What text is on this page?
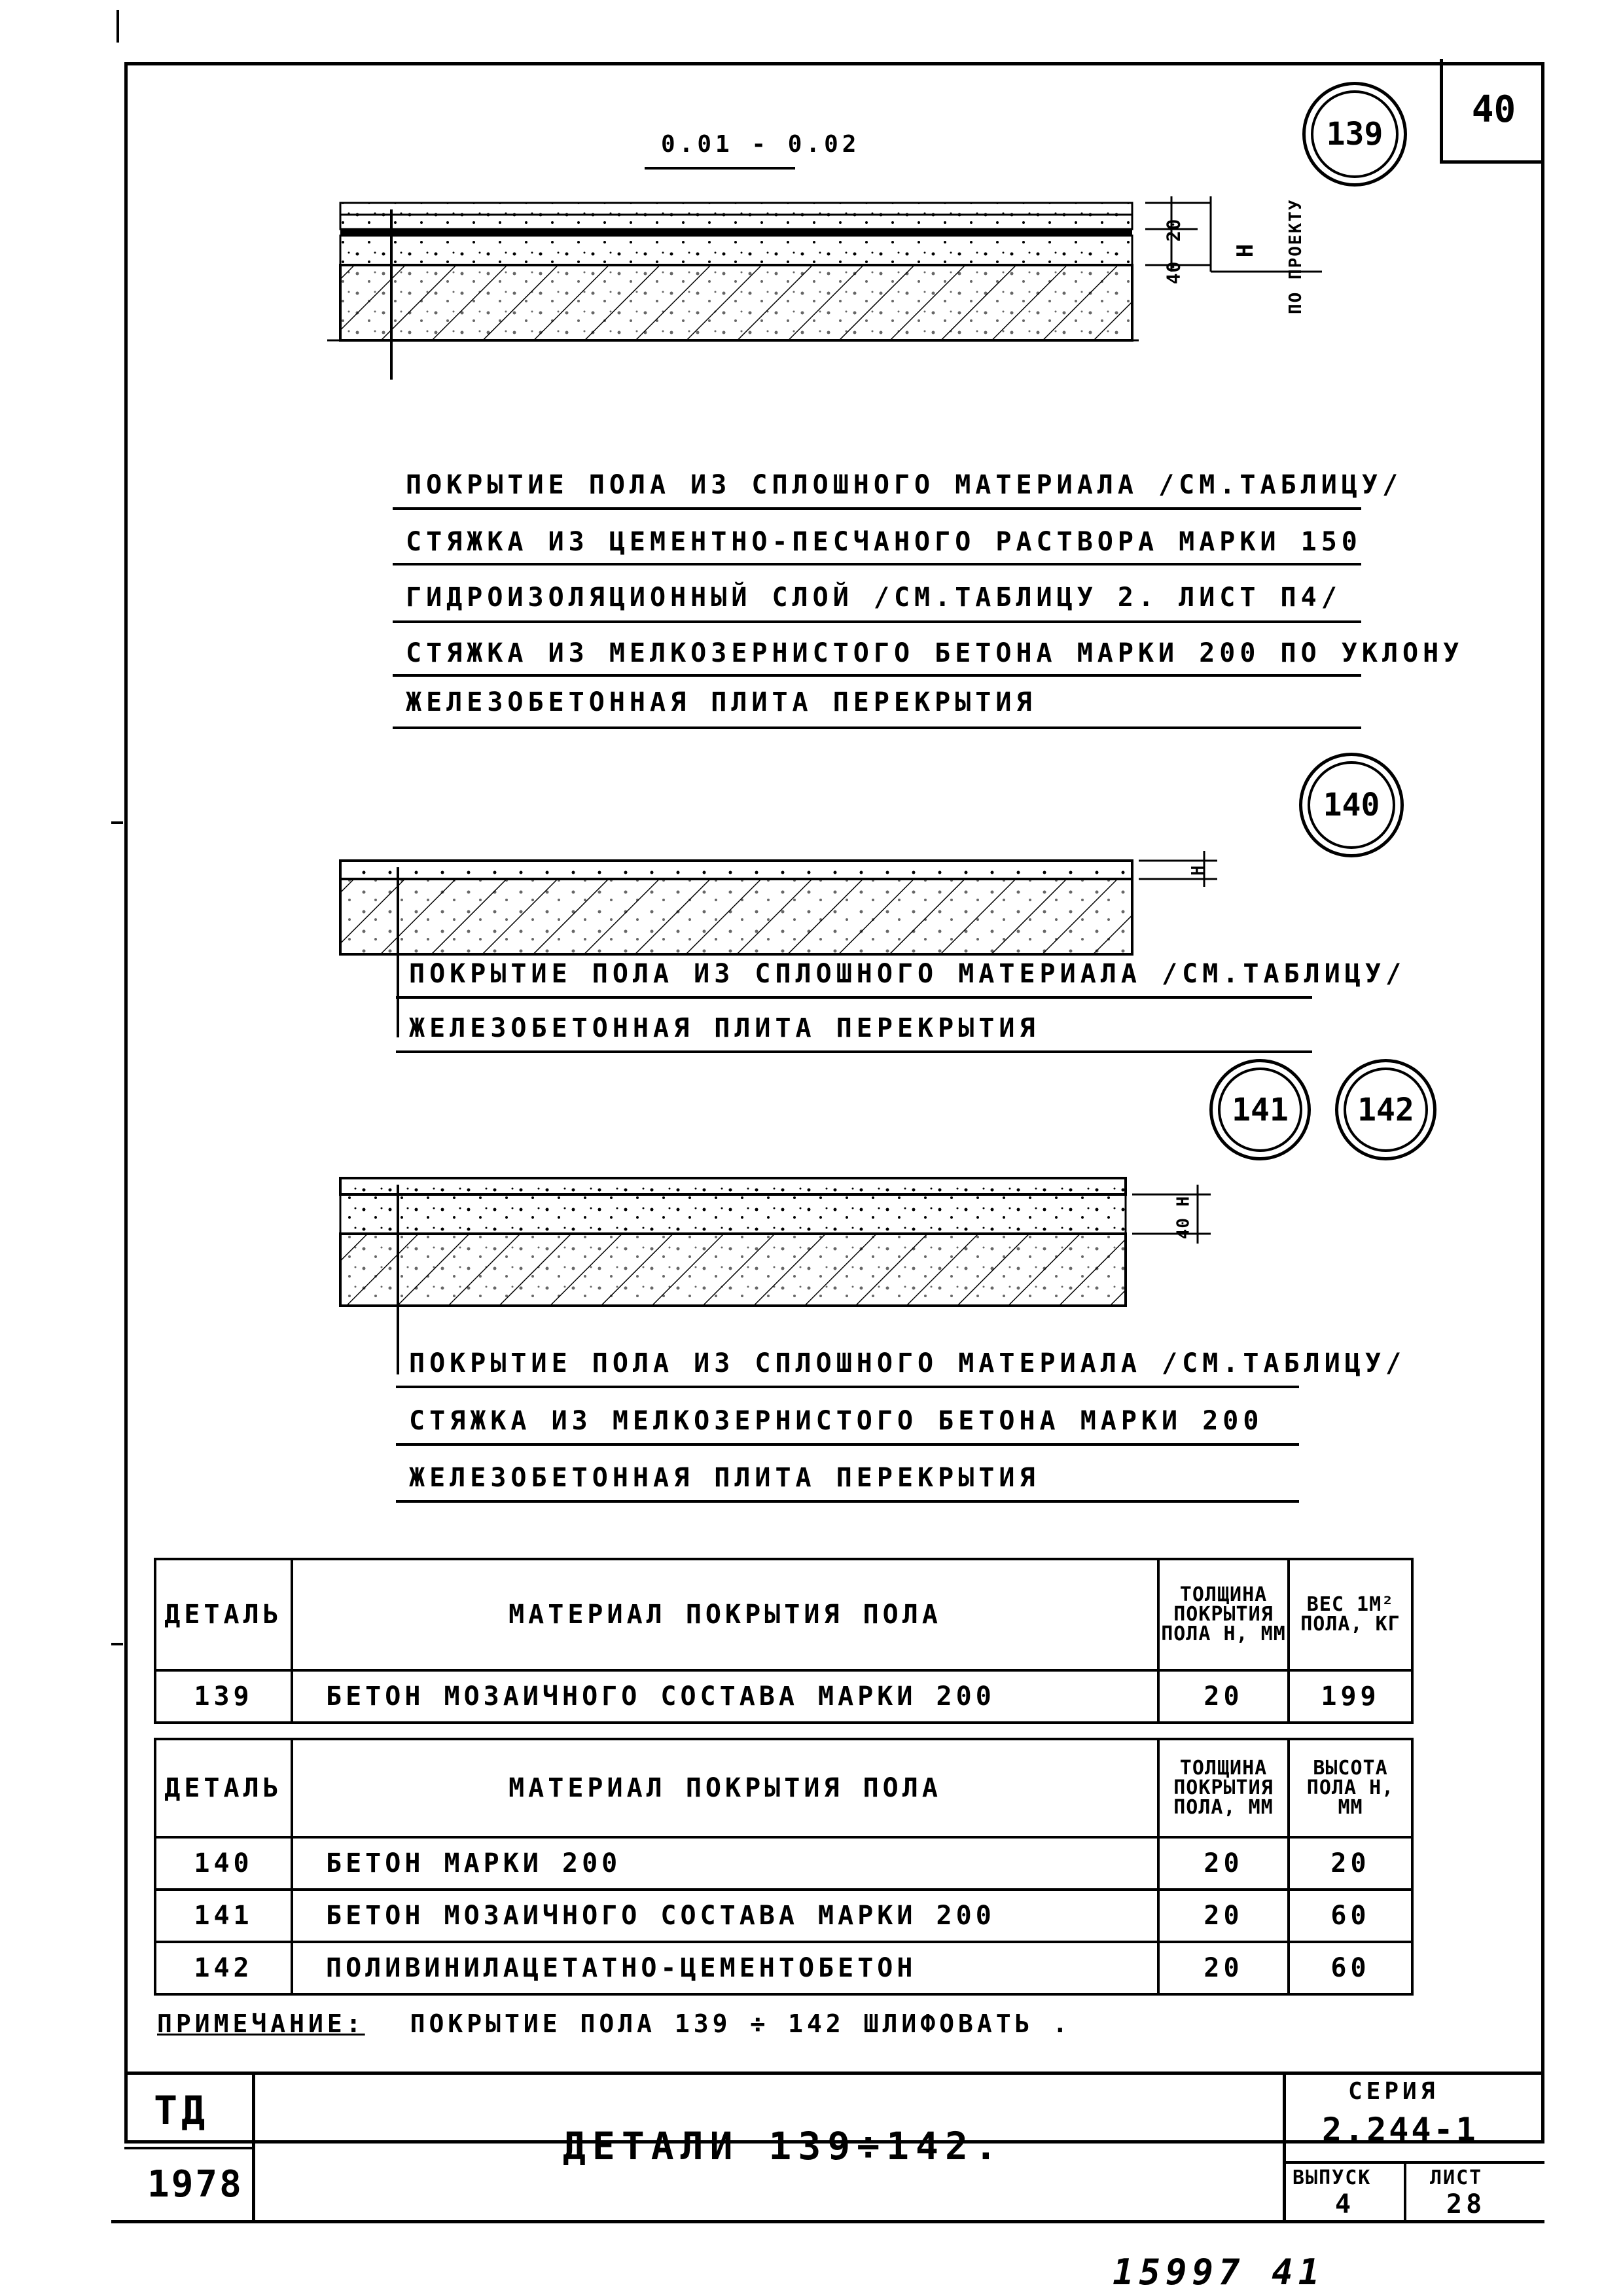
40
0.01 - 0.02	139
20
40
H ПО ПРОЕКТУ
ПОКРЫТИЕ ПОЛА ИЗ СПЛОШНОГО МАТЕРИАЛА /СМ.ТАБЛИЦУ/
СТЯЖКА ИЗ ЦЕМЕНТНО-ПЕСЧАНОГО РАСТВОРА МАРКИ 150
ГИДРОИЗОЛЯЦИОННЫЙ СЛОЙ /СМ.ТАБЛИЦУ 2. ЛИСТ П4/
СТЯЖКА ИЗ МЕЛКОЗЕРНИСТОГО БЕТОНА МАРКИ 200 ПО УКЛОНУ
ЖЕЛЕЗОБЕТОННАЯ ПЛИТА ПЕРЕКРЫТИЯ
140
H
ПОКРЫТИЕ ПОЛА ИЗ СПЛОШНОГО МАТЕРИАЛА /СМ.ТАБЛИЦУ/
ЖЕЛЕЗОБЕТОННАЯ ПЛИТА ПЕРЕКРЫТИЯ
141 142
40 H
ПОКРЫТИЕ ПОЛА ИЗ СПЛОШНОГО МАТЕРИАЛА /СМ.ТАБЛИЦУ/
СТЯЖКА ИЗ МЕЛКОЗЕРНИСТОГО БЕТОНА МАРКИ 200
ЖЕЛЕЗОБЕТОННАЯ ПЛИТА ПЕРЕКРЫТИЯ
ДЕТАЛЬ	МАТЕРИАЛ ПОКРЫТИЯ ПОЛА	ТОЛЩИНА ПОКРЫТИЯ ПОЛА Н, ММ	ВЕС 1М² ПОЛА, КГ
139	БЕТОН МОЗАИЧНОГО СОСТАВА МАРКИ 200	20	199
ДЕТАЛЬ	МАТЕРИАЛ ПОКРЫТИЯ ПОЛА	ТОЛЩИНА ПОКРЫТИЯ ПОЛА, ММ	ВЫСОТА ПОЛА Н, ММ
140	БЕТОН МАРКИ 200	20	20
141	БЕТОН МОЗАИЧНОГО СОСТАВА МАРКИ 200	20	60
142	ПОЛИВИНИЛАЦЕТАТНО-ЦЕМЕНТОБЕТОН	20	60
ПРИМЕЧАНИЕ: ПОКРЫТИЕ ПОЛА 139 ÷ 142 ШЛИФОВАТЬ .
ТД
1978
ДЕТАЛИ 139÷142.
СЕРИЯ
2.244-1
ВЫПУСК
4
ЛИСТ
28
15997 41
